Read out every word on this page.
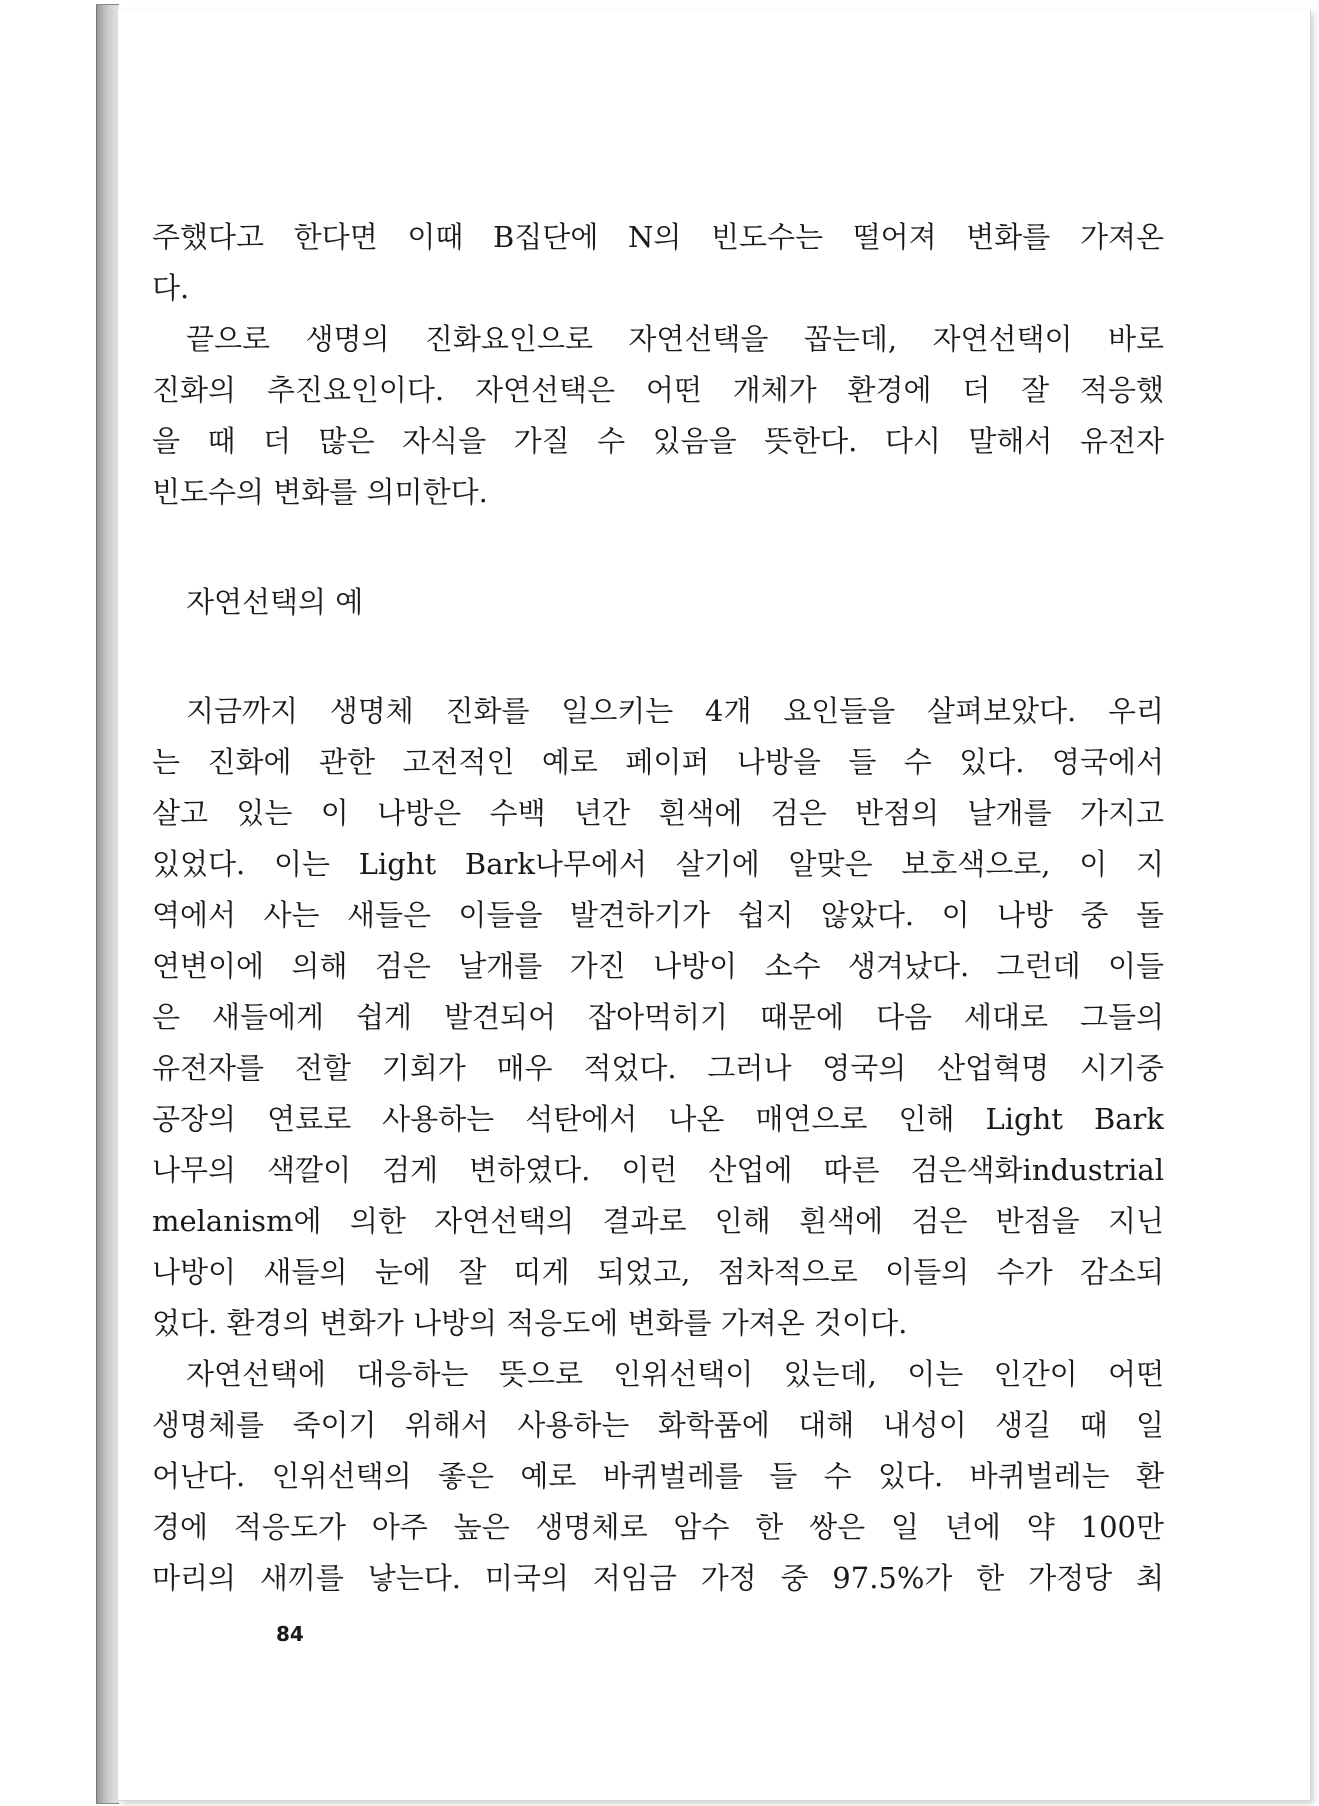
주했다고 한다면 이때 B집단에 N의 빈도수는 떨어져 변화를 가져온
다.
끝으로 생명의 진화요인으로 자연선택을 꼽는데, 자연선택이 바로
진화의 추진요인이다. 자연선택은 어떤 개체가 환경에 더 잘 적응했
을 때 더 많은 자식을 가질 수 있음을 뜻한다. 다시 말해서 유전자
빈도수의 변화를 의미한다.
자연선택의 예
지금까지 생명체 진화를 일으키는 4개 요인들을 살펴보았다. 우리
는 진화에 관한 고전적인 예로 페이퍼 나방을 들 수 있다. 영국에서
살고 있는 이 나방은 수백 년간 흰색에 검은 반점의 날개를 가지고
있었다. 이는 Light Bark나무에서 살기에 알맞은 보호색으로, 이 지
역에서 사는 새들은 이들을 발견하기가 쉽지 않았다. 이 나방 중 돌
연변이에 의해 검은 날개를 가진 나방이 소수 생겨났다. 그런데 이들
은 새들에게 쉽게 발견되어 잡아먹히기 때문에 다음 세대로 그들의
유전자를 전할 기회가 매우 적었다. 그러나 영국의 산업혁명 시기중
공장의 연료로 사용하는 석탄에서 나온 매연으로 인해 Light Bark
나무의 색깔이 검게 변하였다. 이런 산업에 따른 검은색화industrial
melanism에 의한 자연선택의 결과로 인해 흰색에 검은 반점을 지닌
나방이 새들의 눈에 잘 띠게 되었고, 점차적으로 이들의 수가 감소되
었다. 환경의 변화가 나방의 적응도에 변화를 가져온 것이다.
자연선택에 대응하는 뜻으로 인위선택이 있는데, 이는 인간이 어떤
생명체를 죽이기 위해서 사용하는 화학품에 대해 내성이 생길 때 일
어난다. 인위선택의 좋은 예로 바퀴벌레를 들 수 있다. 바퀴벌레는 환
경에 적응도가 아주 높은 생명체로 암수 한 쌍은 일 년에 약 100만
마리의 새끼를 낳는다. 미국의 저임금 가정 중 97.5%가 한 가정당 최
84
